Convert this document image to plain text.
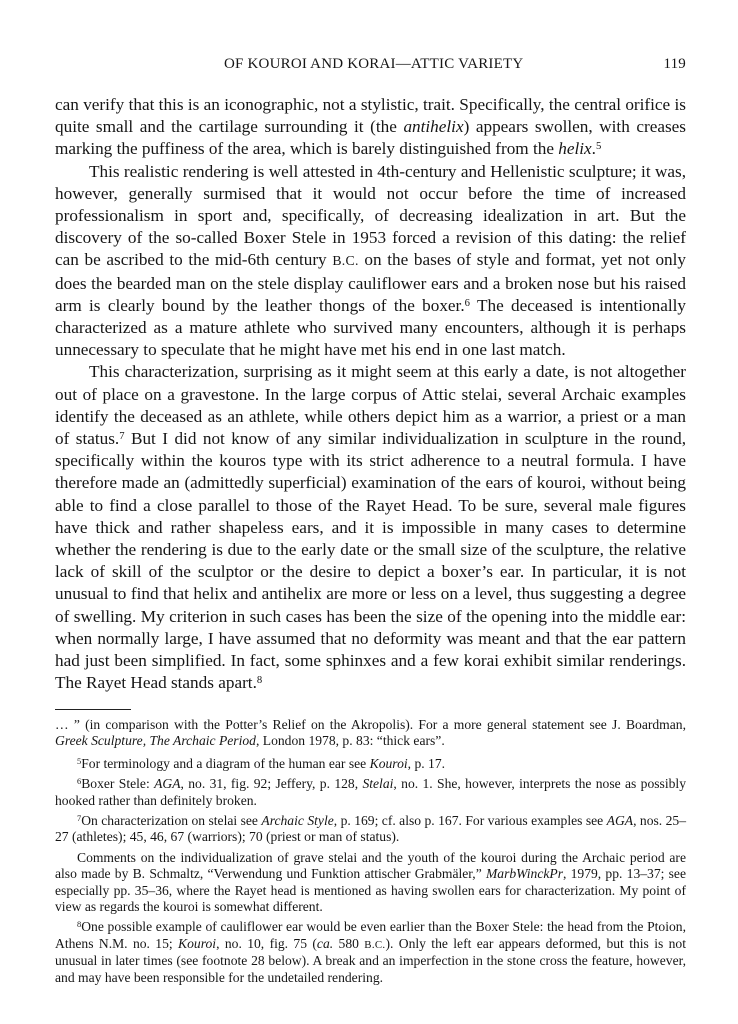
OF KOUROI AND KORAI—ATTIC VARIETY	119

can verify that this is an iconographic, not a stylistic, trait. Specifically, the central orifice is quite small and the cartilage surrounding it (the antihelix) appears swollen, with creases marking the puffiness of the area, which is barely distinguished from the helix.$^5$

This realistic rendering is well attested in 4th-century and Hellenistic sculpture; it was, however, generally surmised that it would not occur before the time of increased professionalism in sport and, specifically, of decreasing idealization in art. But the discovery of the so-called Boxer Stele in 1953 forced a revision of this dating: the relief can be ascribed to the mid-6th century B.C. on the bases of style and format, yet not only does the bearded man on the stele display cauliflower ears and a broken nose but his raised arm is clearly bound by the leather thongs of the boxer.$^6$ The deceased is intentionally characterized as a mature athlete who survived many encounters, although it is perhaps unnecessary to speculate that he might have met his end in one last match.

This characterization, surprising as it might seem at this early a date, is not altogether out of place on a gravestone. In the large corpus of Attic stelai, several Archaic examples identify the deceased as an athlete, while others depict him as a warrior, a priest or a man of status.$^7$ But I did not know of any similar individualization in sculpture in the round, specifically within the kouros type with its strict adherence to a neutral formula. I have therefore made an (admittedly superficial) examination of the ears of kouroi, without being able to find a close parallel to those of the Rayet Head. To be sure, several male figures have thick and rather shapeless ears, and it is impossible in many cases to determine whether the rendering is due to the early date or the small size of the sculpture, the relative lack of skill of the sculptor or the desire to depict a boxer’s ear. In particular, it is not unusual to find that helix and antihelix are more or less on a level, thus suggesting a degree of swelling. My criterion in such cases has been the size of the opening into the middle ear: when normally large, I have assumed that no deformity was meant and that the ear pattern had just been simplified. In fact, some sphinxes and a few korai exhibit similar renderings. The Rayet Head stands apart.$^8$

… ” (in comparison with the Potter’s Relief on the Akropolis). For a more general statement see J. Boardman, Greek Sculpture, The Archaic Period, London 1978, p. 83: “thick ears”.

$^5$For terminology and a diagram of the human ear see Kouroi, p. 17.

$^6$Boxer Stele: AGA, no. 31, fig. 92; Jeffery, p. 128, Stelai, no. 1. She, however, interprets the nose as possibly hooked rather than definitely broken.

$^7$On characterization on stelai see Archaic Style, p. 169; cf. also p. 167. For various examples see AGA, nos. 25–27 (athletes); 45, 46, 67 (warriors); 70 (priest or man of status).

Comments on the individualization of grave stelai and the youth of the kouroi during the Archaic period are also made by B. Schmaltz, “Verwendung und Funktion attischer Grabmäler,” MarbWinckPr, 1979, pp. 13–37; see especially pp. 35–36, where the Rayet head is mentioned as having swollen ears for characterization. My point of view as regards the kouroi is somewhat different.

$^8$One possible example of cauliflower ear would be even earlier than the Boxer Stele: the head from the Ptoion, Athens N.M. no. 15; Kouroi, no. 10, fig. 75 (ca. 580 B.C.). Only the left ear appears deformed, but this is not unusual in later times (see footnote 28 below). A break and an imperfection in the stone cross the feature, however, and may have been responsible for the undetailed rendering.
